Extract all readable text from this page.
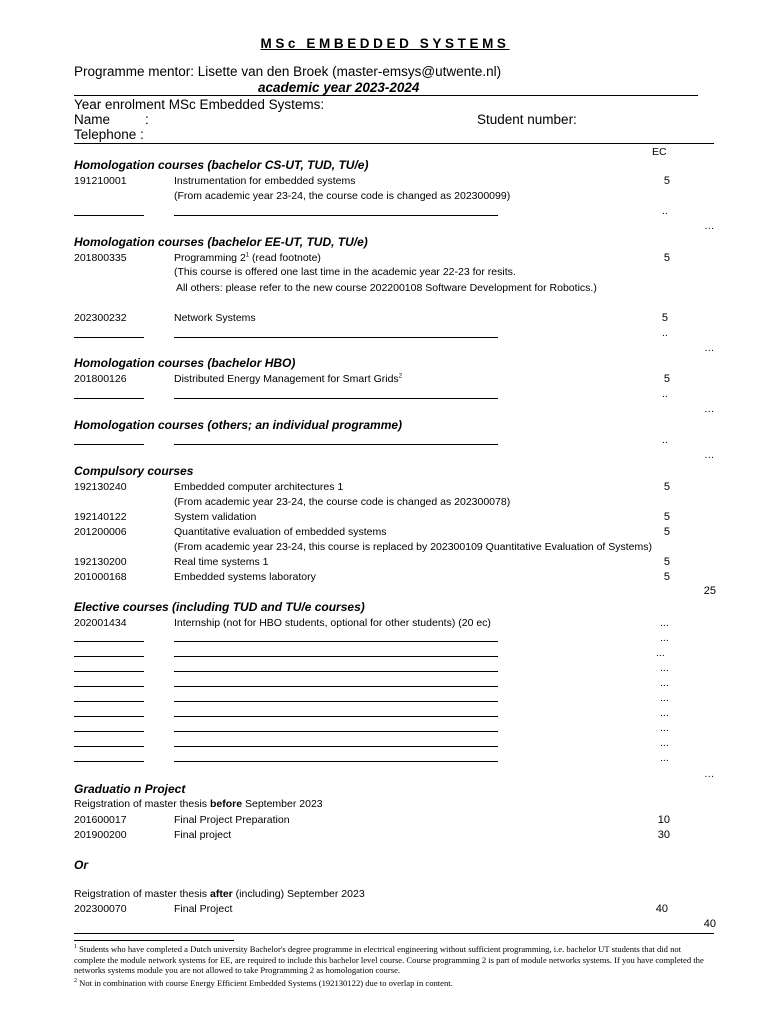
MSc EMBEDDED SYSTEMS
Programme mentor: Lisette van den Broek (master-emsys@utwente.nl)
academic year 2023-2024
Year enrolment MSc Embedded Systems:
Name	:	Student number:
Telephone :
EC
Homologation courses (bachelor CS-UT, TUD, TU/e)
191210001	Instrumentation for embedded systems	5
(From academic year 23-24, the course code is changed as 202300099)
..
…
Homologation courses (bachelor EE-UT, TUD, TU/e)
201800335	Programming $2^1$ (read footnote)	5
(This course is offered one last time in the academic year 22-23 for resits.
All others: please refer to the new course 202200108 Software Development for Robotics.)
202300232	Network Systems	5
..
…
Homologation courses (bachelor HBO)
201800126	Distributed Energy Management for Smart Grids$^2$	5
..
…
Homologation courses (others; an individual programme)
..
…
Compulsory courses
192130240	Embedded computer architectures 1	5
(From academic year 23-24, the course code is changed as 202300078)
192140122	System validation	5
201200006	Quantitative evaluation of embedded systems	5
(From academic year 23-24, this course is replaced by 202300109 Quantitative Evaluation of Systems)
192130200	Real time systems 1	5
201000168	Embedded systems laboratory	5
25
Elective courses (including TUD and TU/e courses)
202001434	Internship (not for HBO students, optional for other students) (20 ec)	...
...
...
...
...
...
...
...
...
...
…
Graduatio n Project
Reigstration of master thesis before September 2023
201600017	Final Project Preparation	10
201900200	Final project	30
Or
Reigstration of master thesis after (including) September 2023
202300070	Final Project	40
40
$^1$ Students who have completed a Dutch university Bachelor's degree programme in electrical engineering without sufficient programming, i.e. bachelor UT students that did not complete the module network systems for EE, are required to include this bachelor level course. Course programming 2 is part of module networks systems. If you have completed the networks systems module you are not allowed to take Programming 2 as homologation course.
$^2$ Not in combination with course Energy Efficient Embedded Systems (192130122) due to overlap in content.
